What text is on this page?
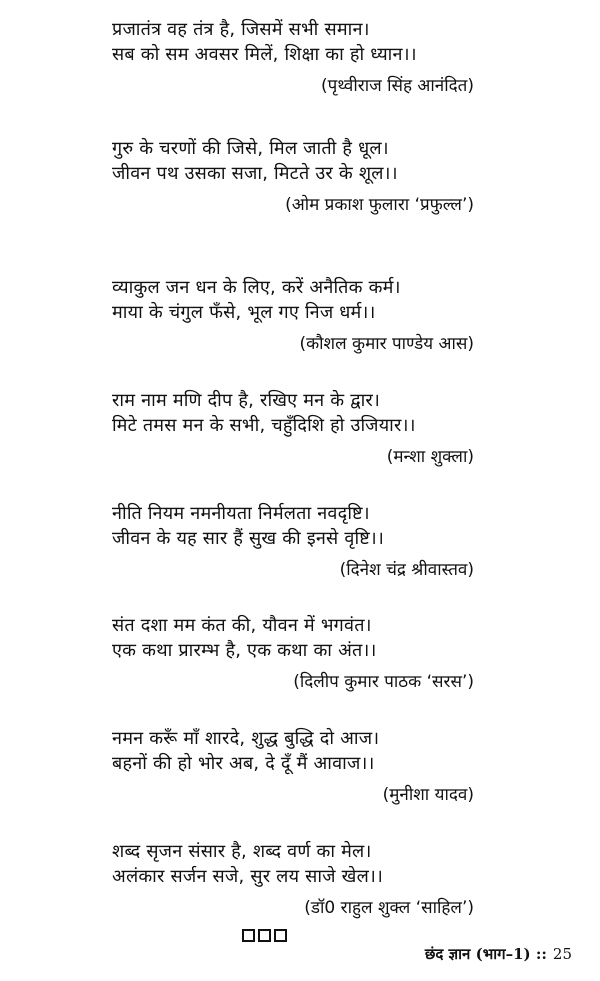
प्रजातंत्र वह तंत्र है, जिसमें सभी समान।
सब को सम अवसर मिलें, शिक्षा का हो ध्यान।।
(पृथ्वीराज सिंह आनंदित)
गुरु के चरणों की जिसे, मिल जाती है धूल।
जीवन पथ उसका सजा, मिटते उर के शूल।।
(ओम प्रकाश फुलारा ‘प्रफुल्ल’)
व्याकुल जन धन के लिए, करें अनैतिक कर्म।
माया के चंगुल फँसे, भूल गए निज धर्म।।
(कौशल कुमार पाण्डेय आस)
राम नाम मणि दीप है, रखिए मन के द्वार।
मिटे तमस मन के सभी, चहुँदिशि हो उजियार।।
(मन्शा शुक्ला)
नीति नियम नमनीयता निर्मलता नवदृष्टि।
जीवन के यह सार हैं सुख की इनसे वृष्टि।।
(दिनेश चंद्र श्रीवास्तव)
संत दशा मम कंत की, यौवन में भगवंत।
एक कथा प्रारम्भ है, एक कथा का अंत।।
(दिलीप कुमार पाठक ‘सरस’)
नमन करूँ माँ शारदे, शुद्ध बुद्धि दो आज।
बहनों की हो भोर अब, दे दूँ मैं आवाज।।
(मुनीशा यादव)
शब्द सृजन संसार है, शब्द वर्ण का मेल।
अलंकार सर्जन सजे, सुर लय साजे खेल।।
(डॉ0 राहुल शुक्ल ‘साहिल’)
छंद ज्ञान (भाग–1) :: 25
